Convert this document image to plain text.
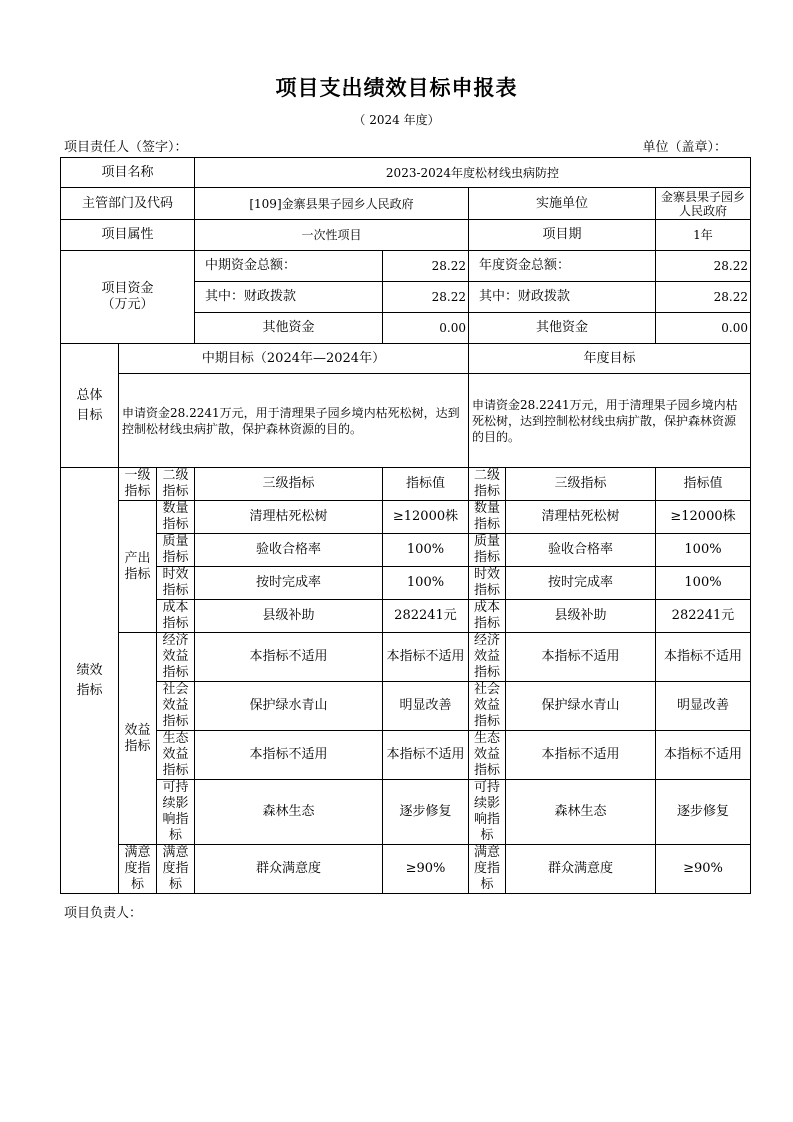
项目支出绩效目标申报表
（ 2024 年度）
项目责任人（签字）：	单位（盖章）：
项目名称			2023-2024年度松材线虫病防控				
主管部门及代码			[109]金寨县果子园乡人民政府		实施单位		金寨县果子园乡人民政府
项目属性			一次性项目		项目期		1年

项目资金
（万元）			中期资金总额：	28.22	年度资金总额：		28.22
			其中：财政拨款	28.22	其中：财政拨款		28.22
			其他资金	0.00	其他资金		0.00
总体目标	中期目标（2024年—2024年）				年度目标		
	申请资金28.2241万元，用于清理果子园乡境内枯死松树，达到控制松材线虫病扩散，保护森林资源的目的。				申请资金28.2241万元，用于清理果子园乡境内枯死松树，达到控制松材线虫病扩散，保护森林资源的目的。		
绩效指标	一级指标	二级指标	三级指标	指标值	二级指标	三级指标	指标值
	产出指标	数量指标	清理枯死松树	≥12000株	数量指标	清理枯死松树	≥12000株
		质量指标	验收合格率	100%	质量指标	验收合格率	100%
		时效指标	按时完成率	100%	时效指标	按时完成率	100%
		成本指标	县级补助	282241元	成本指标	县级补助	282241元
	效益指标	经济效益指标	本指标不适用	本指标不适用	经济效益指标	本指标不适用	本指标不适用
		社会效益指标	保护绿水青山	明显改善	社会效益指标	保护绿水青山	明显改善
		生态效益指标	本指标不适用	本指标不适用	生态效益指标	本指标不适用	本指标不适用
		可持续影响指标	森林生态	逐步修复	可持续影响指标	森林生态	逐步修复
	满意度指标	满意度指标	群众满意度	≥90%	满意度指标	群众满意度	≥90%
项目负责人：
